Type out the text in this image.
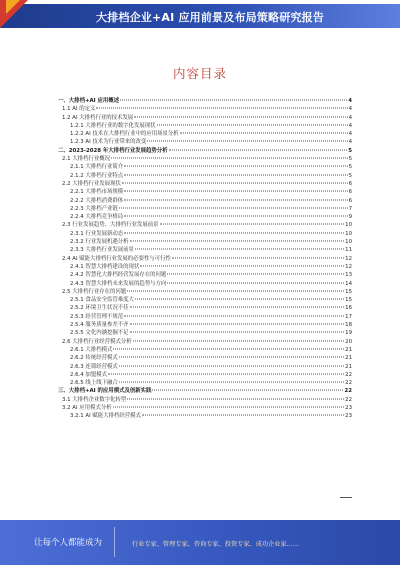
大排档企业+AI 应用前景及布局策略研究报告
内容目录
一、大排档+AI 应用概述	4
1.1 AI 的定义	4
1.2 AI 大排档行业的技术发展	4
1.2.1 大排档行业的数字化发展现状	4
1.2.2 AI 技术在大排档行业中的应用场景分析	4
1.2.3 AI 技术为行业带来的改变	4
二、2023-2028 年大排档行业发展趋势分析	5
2.1 大排档行业概况	5
2.1.1 大排档行业简介	5
2.1.2 大排档行业特点	5
2.2 大排档行业发展现状	6
2.2.1 大排档市场规模	6
2.2.2 大排档消费群体	6
2.2.3 大排档产业链	7
2.2.4 大排档竞争格局	9
2.3 行业发展趋势、大排档行业发展前景	10
2.3.1 行业发展新动态	10
2.3.2 行业发展机遇分析	10
2.3.3 大排档行业发展前景	11
2.4 AI 赋能大排档行业发展的必要性与可行性	12
2.4.1 智慧大排档建设的现状	12
2.4.2 智慧化大排档经营发展存在的问题	13
2.4.3 智慧大排档未来发展的趋势与方向	14
2.5 大排档行业存在的问题	15
2.5.1 食品安全监管难度大	15
2.5.2 环境卫生状况不佳	16
2.5.3 经营管理不规范	17
2.5.4 服务质量参差不齐	18
2.5.5 文化内涵挖掘不足	19
2.6 大排档行业经营模式分析	20
2.6.1 大排档模式	21
2.6.2 传统经营模式	21
2.6.3 连锁经营模式	21
2.6.4 加盟模式	22
2.6.5 线上线下融合	22
三、大排档+AI 的应用模式及创新实践	22
3.1 大排档企业数字化转型	22
3.2 AI 应用模式分析	23
3.2.1 AI 赋能大排档经营模式	23
让每个人都能成为	行业专家、管理专家、咨询专家、投资专家、成功企业家……
